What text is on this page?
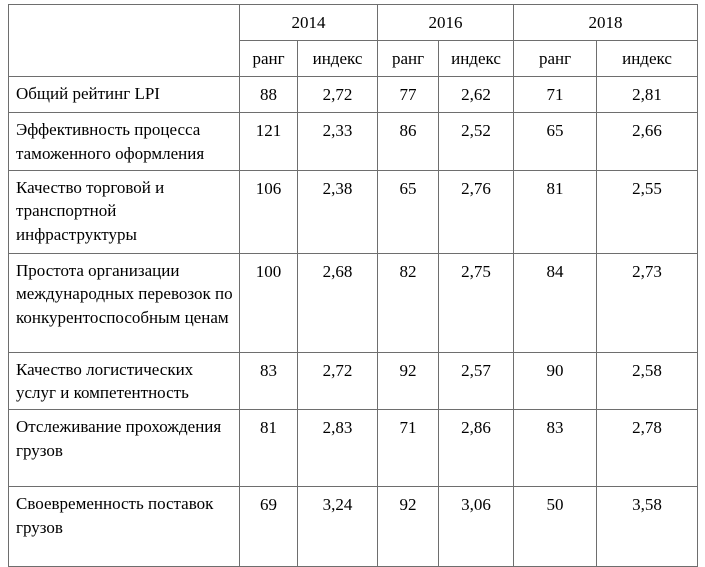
	2014		2016		2018	
	ранг	индекс	ранг	индекс	ранг	индекс
Общий рейтинг LPI	88	2,72	77	2,62	71	2,81
Эффективность процесса таможенного оформления	121	2,33	86	2,52	65	2,66
Качество торговой и транспортной инфраструктуры	106	2,38	65	2,76	81	2,55
Простота организации международных перевозок по конкурентоспособным ценам	100	2,68	82	2,75	84	2,73
Качество логистических услуг и компетентность	83	2,72	92	2,57	90	2,58
Отслеживание прохождения грузов	81	2,83	71	2,86	83	2,78
Своевременность поставок грузов	69	3,24	92	3,06	50	3,58
